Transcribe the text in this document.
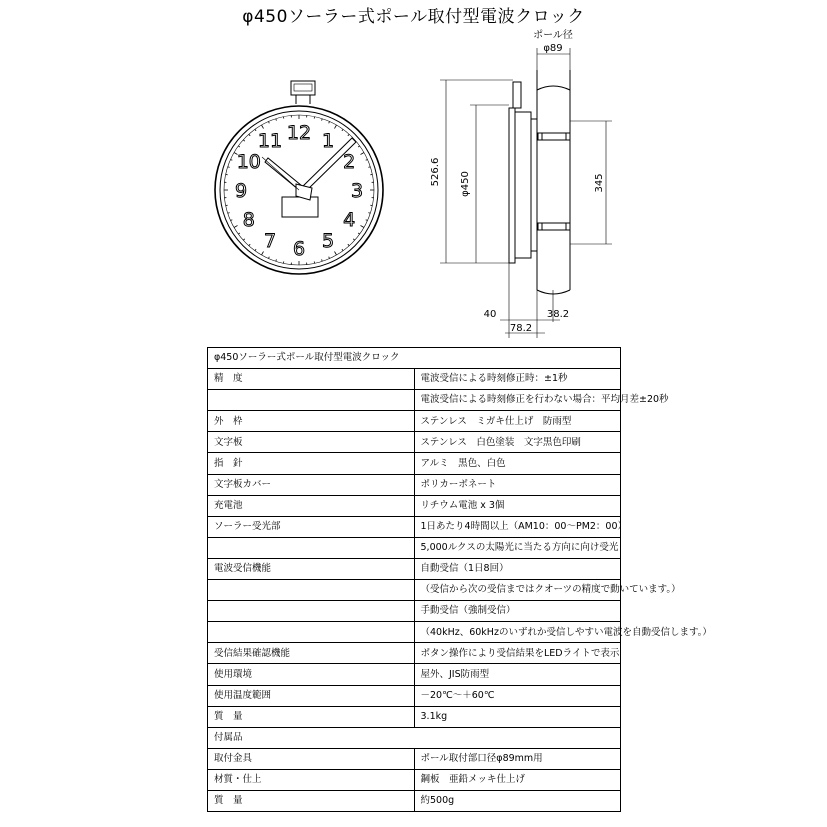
φ450ソーラー式ポール取付型電波クロック
12 1
2
3
4
5
6
7
8
9
10
11
ポール径
φ89
526.6 φ450	345
40	38.2
78.2
φ450ソーラー式ポール取付型電波クロック	
精　度	電波受信による時刻修正時：±1秒
	電波受信による時刻修正を行わない場合：平均月差±20秒
外　枠	ステンレス　ミガキ仕上げ　防雨型
文字板	ステンレス　白色塗装　文字黒色印刷
指　針	アルミ　黒色、白色
文字板カバー	ポリカーボネート
充電池	リチウム電池 x 3個
ソーラー受光部	1日あたり4時間以上（AM10：00～PM2：00）
	5,000ルクスの太陽光に当たる方向に向け受光
電波受信機能	自動受信（1日8回）
	（受信から次の受信まではクオーツの精度で動いています。）
	手動受信（強制受信）
	（40kHz、60kHzのいずれか受信しやすい電波を自動受信します。）
受信結果確認機能	ボタン操作により受信結果をLEDライトで表示
使用環境	屋外、JIS防雨型
使用温度範囲	－20℃～＋60℃
質　量	3.1kg
付属品	
取付金具	ポール取付部口径φ89mm用
材質・仕上	鋼板　亜鉛メッキ仕上げ
質　量	約500g
